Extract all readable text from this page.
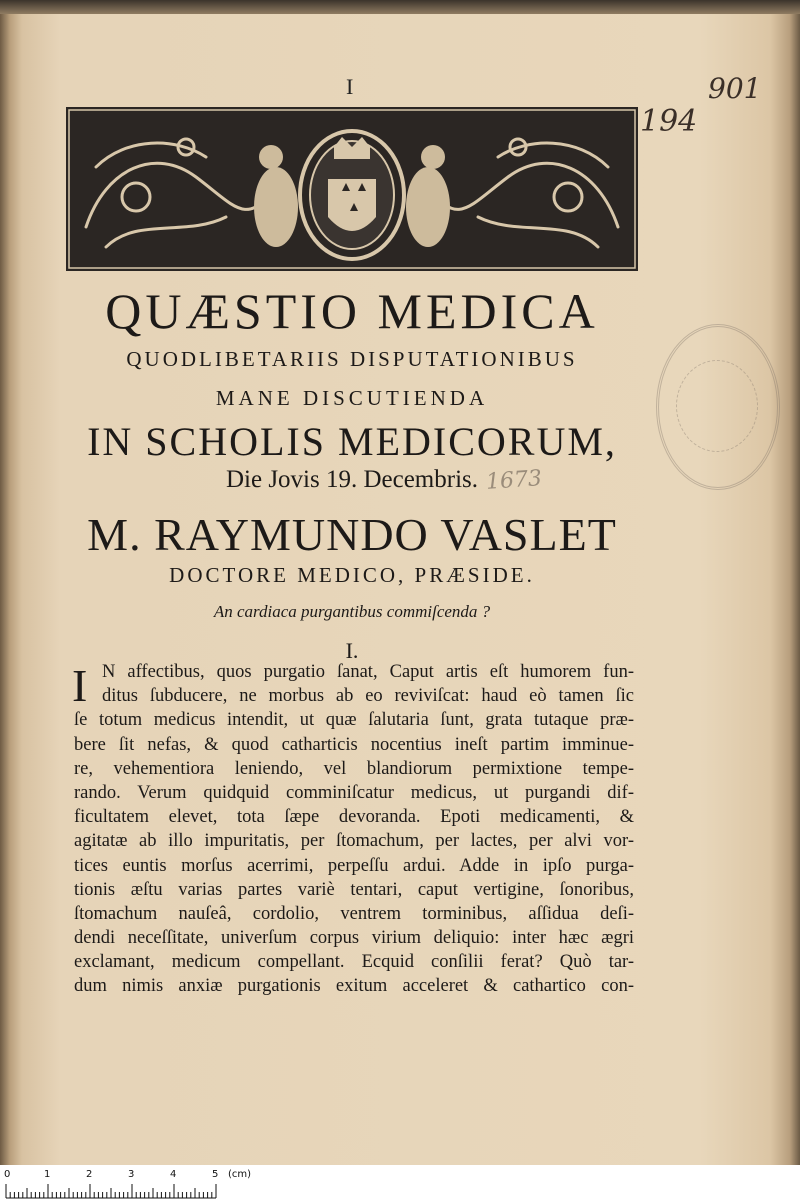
I	901
194
1673
QUÆSTIO MEDICA
QUODLIBETARIIS DISPUTATIONIBUS
MANE DISCUTIENDA
IN SCHOLIS MEDICORUM,
Die Jovis 19. Decembris.
M. RAYMUNDO VASLET
DOCTORE MEDICO, PRÆSIDE.
An cardiaca purgantibus commiſcenda ?
I.
I N affectibus, quos purgatio ſanat, Caput artis eſt humorem fun-
ditus ſubducere, ne morbus ab eo reviviſcat: haud eò tamen ſic
ſe totum medicus intendit, ut quæ ſalutaria ſunt, grata tutaque præ-
bere ſit nefas, & quod catharticis nocentius ineſt partim imminue-
re, vehementiora leniendo, vel blandiorum permixtione tempe-
rando. Verum quidquid comminiſcatur medicus, ut purgandi dif-
ficultatem elevet, tota ſæpe devoranda. Epoti medicamenti, &
agitatæ ab illo impuritatis, per ſtomachum, per lactes, per alvi vor-
tices euntis morſus acerrimi, perpeſſu ardui. Adde in ipſo purga-
tionis æſtu varias partes variè tentari, caput vertigine, ſonoribus,
ſtomachum nauſeâ, cordolio, ventrem torminibus, aſſidua deſi-
dendi neceſſitate, univerſum corpus virium deliquio: inter hæc ægri
exclamant, medicum compellant. Ecquid conſilii ferat? Quò tar-
dum nimis anxiæ purgationis exitum acceleret & cathartico con-
0	1	2	3	4	5 (cm)
